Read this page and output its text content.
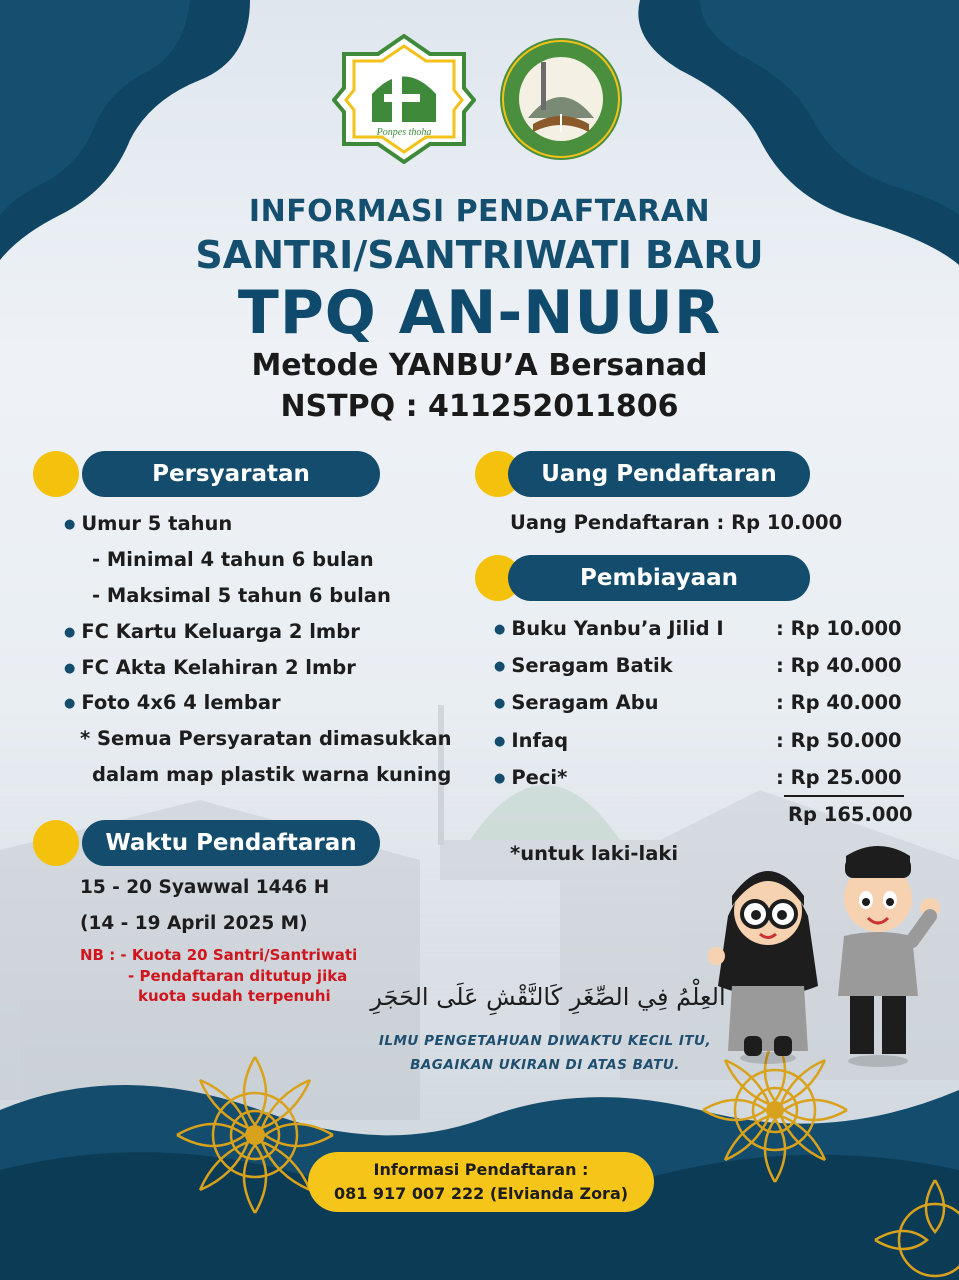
Ponpes thoha
INFORMASI PENDAFTARAN
SANTRI/SANTRIWATI BARU
TPQ AN-NUUR
Metode YANBU’A Bersanad
NSTPQ : 411252011806
Persyaratan
● Umur 5 tahun
- Minimal 4 tahun 6 bulan
- Maksimal 5 tahun 6 bulan
● FC Kartu Keluarga 2 lmbr
● FC Akta Kelahiran 2 lmbr
● Foto 4x6 4 lembar
* Semua Persyaratan dimasukkan
dalam map plastik warna kuning
Uang Pendaftaran
Uang Pendaftaran : Rp 10.000
Pembiayaan
● Buku Yanbu’a Jilid I	: Rp 10.000
● Seragam Batik	: Rp 40.000
● Seragam Abu	: Rp 40.000
● Infaq	: Rp 50.000
● Peci*	: Rp 25.000
Rp 165.000
*untuk laki-laki
Waktu Pendaftaran
15 - 20 Syawwal 1446 H
(14 - 19 April 2025 M)
NB : - Kuota 20 Santri/Santriwati
- Pendaftaran ditutup jika
kuota sudah terpenuhi العِلْمُ فِي الصِّغَرِ كَالنَّقْشِ عَلَى الحَجَرِ
ILMU PENGETAHUAN DIWAKTU KECIL ITU,
BAGAIKAN UKIRAN DI ATAS BATU.
Informasi Pendaftaran :
081 917 007 222 (Elvianda Zora)
